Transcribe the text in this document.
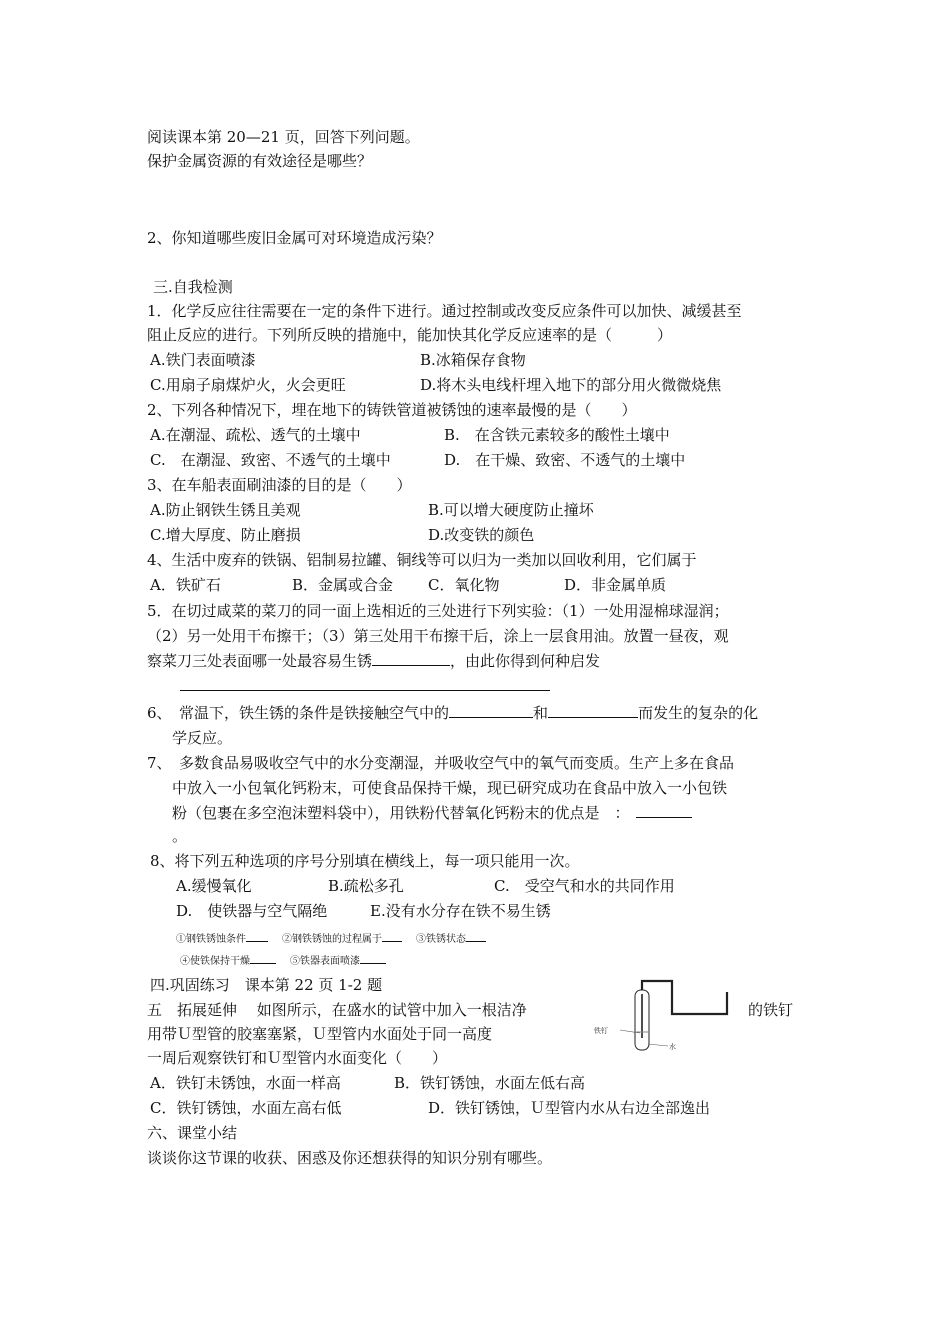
阅读课本第 20—21 页，回答下列问题。
保护金属资源的有效途径是哪些？
2、你知道哪些废旧金属可对环境造成污染？
三.自我检测
1．化学反应往往需要在一定的条件下进行。通过控制或改变反应条件可以加快、减缓甚至
阻止反应的进行。下列所反映的措施中，能加快其化学反应速率的是（　　　）
A.铁门表面喷漆	B.冰箱保存食物
C.用扇子扇煤炉火，火会更旺	D.将木头电线杆埋入地下的部分用火微微烧焦
2、下列各种情况下，埋在地下的铸铁管道被锈蚀的速率最慢的是（　　）
A.在潮湿、疏松、透气的土壤中	B.　在含铁元素较多的酸性土壤中
C.　在潮湿、致密、不透气的土壤中	D.　在干燥、致密、不透气的土壤中
3、在车船表面刷油漆的目的是（　　）
A.防止钢铁生锈且美观	B.可以增大硬度防止撞坏
C.增大厚度、防止磨损	D.改变铁的颜色
4、生活中废弃的铁锅、铝制易拉罐、铜线等可以归为一类加以回收利用，它们属于
A．铁矿石	B．金属或合金 C．氧化物	D．非金属单质
5．在切过咸菜的菜刀的同一面上选相近的三处进行下列实验：（1）一处用湿棉球湿润；
（2）另一处用干布擦干；（3）第三处用干布擦干后，涂上一层食用油。放置一昼夜，观
察菜刀三处表面哪一处最容易生锈	，由此你得到何种启发
6、　常温下，铁生锈的条件是铁接触空气中的	和	而发生的复杂的化
学反应。
7、　多数食品易吸收空气中的水分变潮湿，并吸收空气中的氧气而变质。生产上多在食品
中放入一小包氧化钙粉末，可使食品保持干燥，现已研究成功在食品中放入一小包铁
粉（包裹在多空泡沫塑料袋中），用铁粉代替氧化钙粉末的优点是　：
。
8、将下列五种选项的序号分别填在横线上，每一项只能用一次。
A.缓慢氧化	B.疏松多孔	C.　受空气和水的共同作用
D.　使铁器与空气隔绝	E.没有水分存在铁不易生锈
①钢铁锈蚀条件	②钢铁锈蚀的过程属于	③铁锈状态
④使铁保持干燥	⑤铁器表面喷漆
四.巩固练习　课本第 22 页 1-2 题
五　拓展延伸　 如图所示，在盛水的试管中加入一根洁净	的铁钉
用带Ｕ型管的胶塞塞紧，Ｕ型管内水面处于同一高度
一周后观察铁钉和Ｕ型管内水面变化（　　）
铁钉
水
A．铁钉未锈蚀，水面一样高	B．铁钉锈蚀，水面左低右高
C．铁钉锈蚀，水面左高右低	D．铁钉锈蚀，Ｕ型管内水从右边全部逸出
六、课堂小结
谈谈你这节课的收获、困惑及你还想获得的知识分别有哪些。
